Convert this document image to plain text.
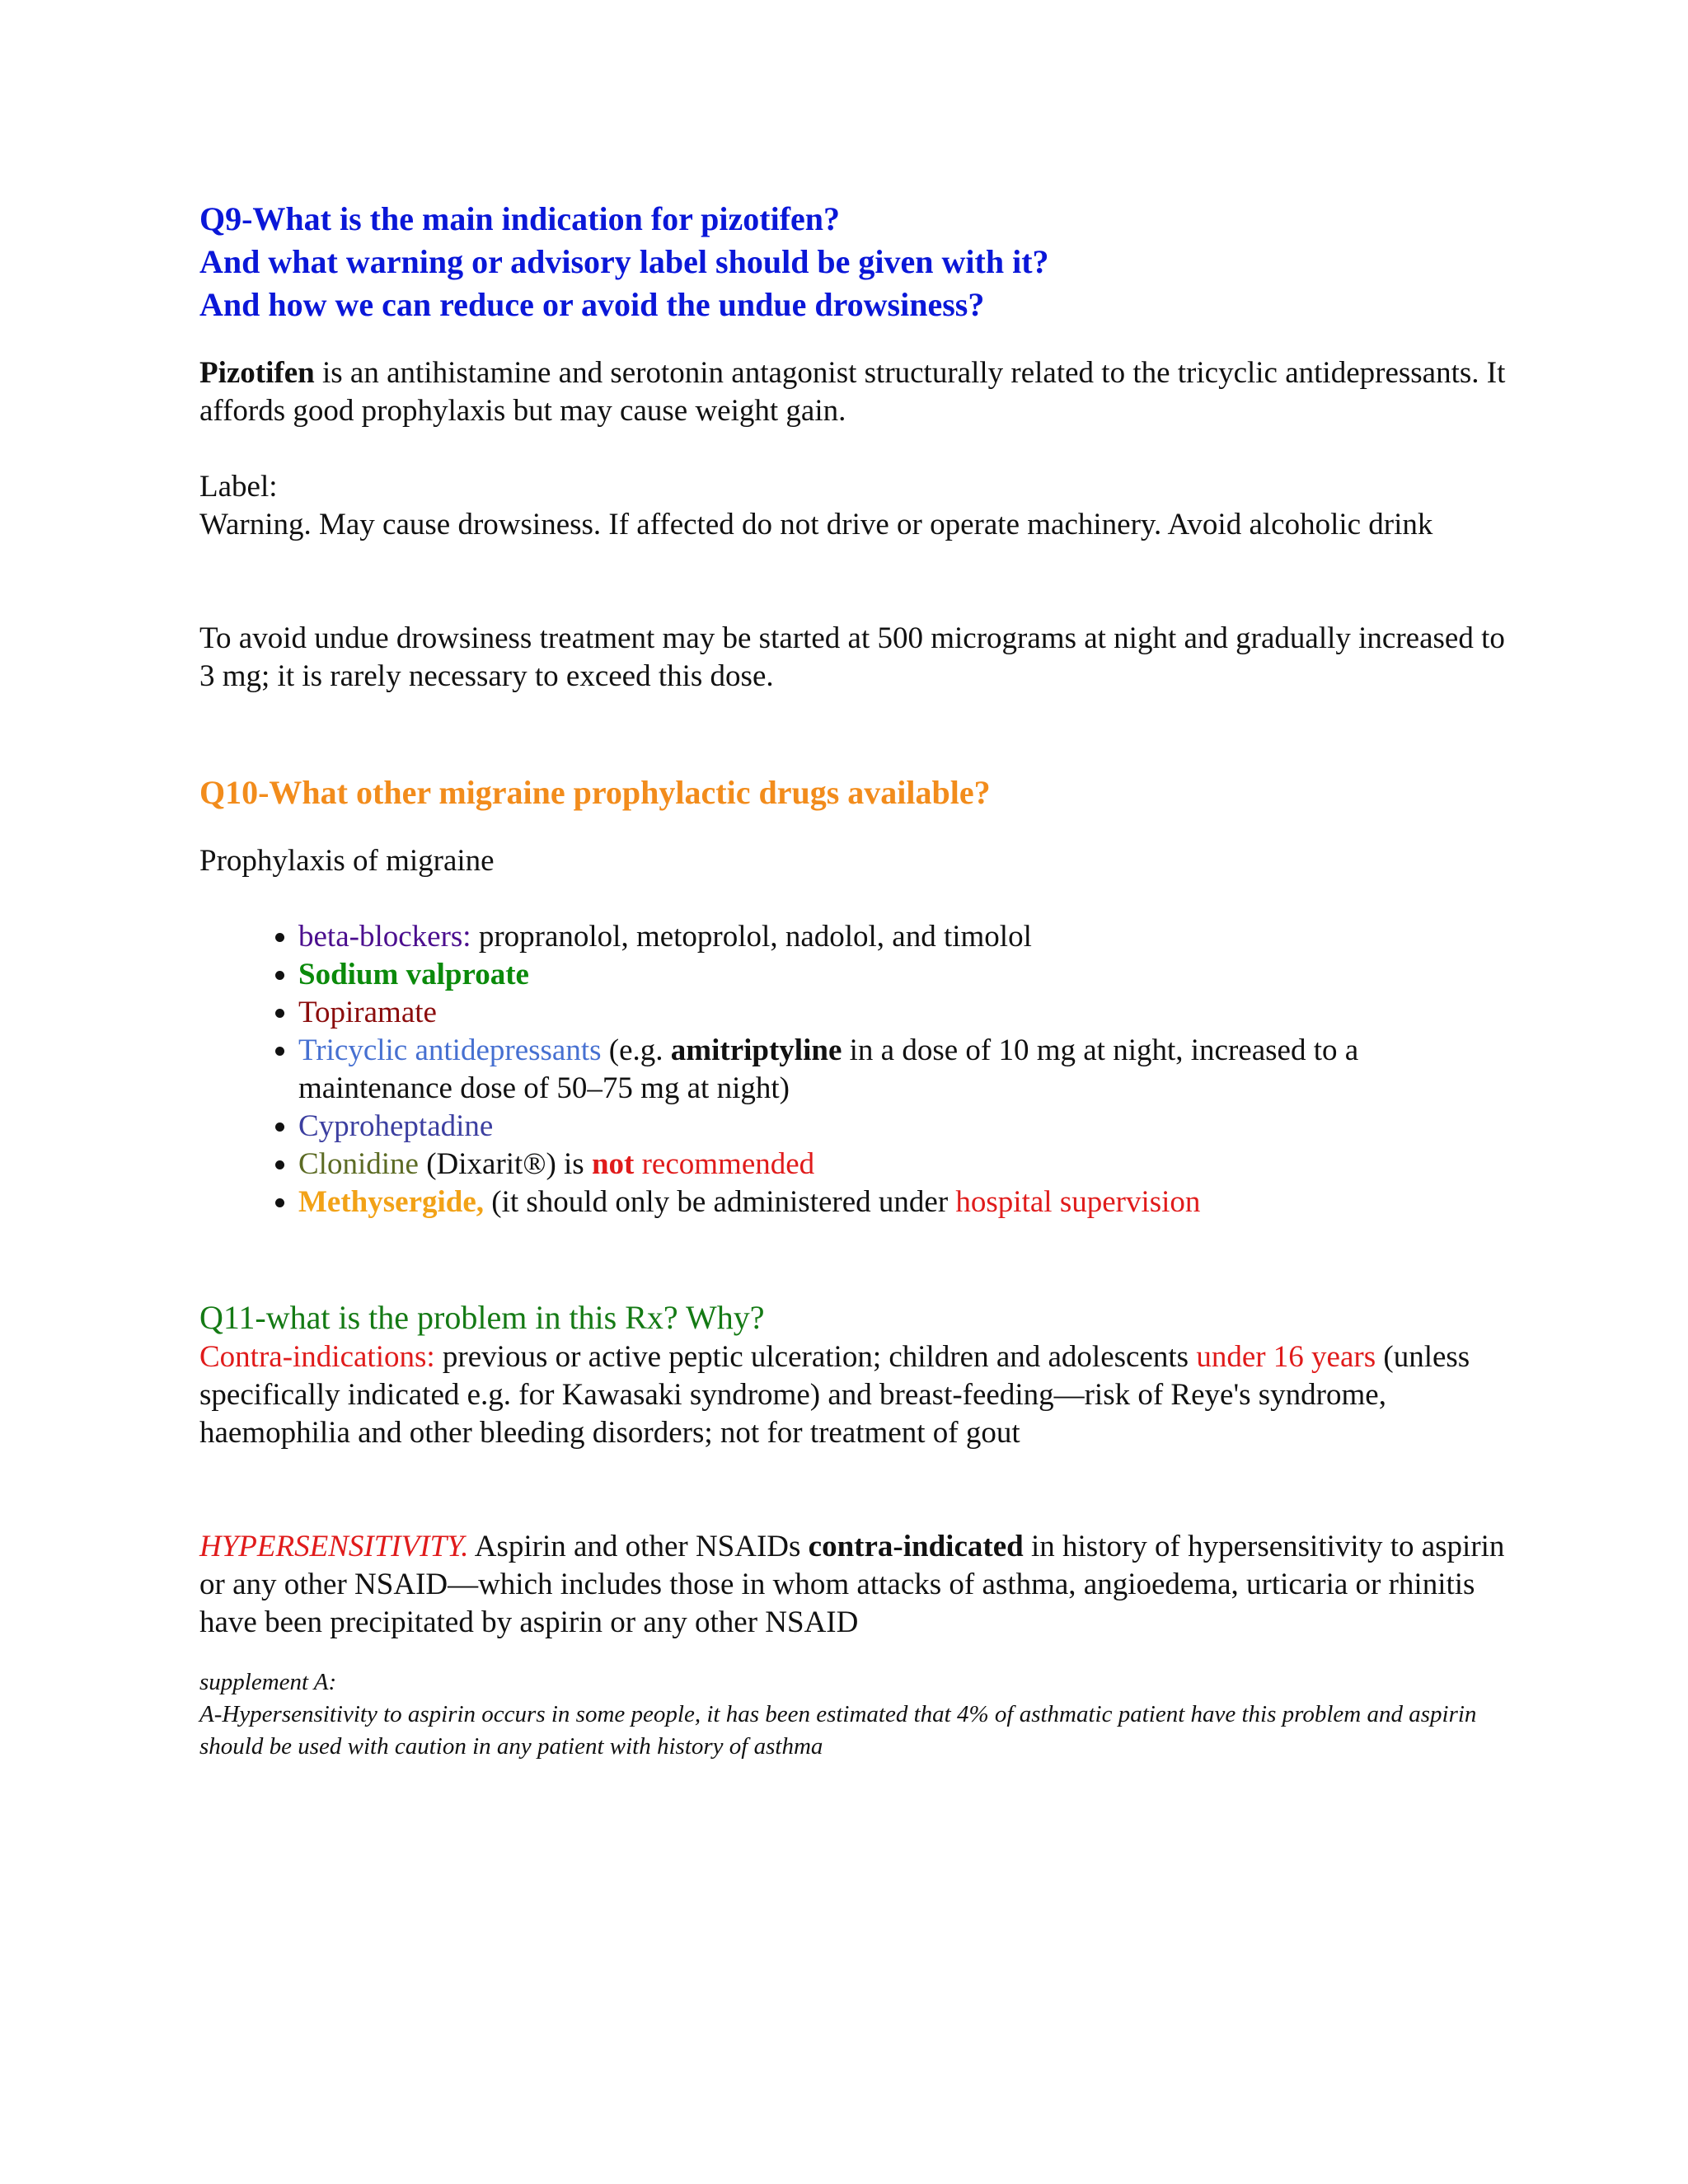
Q9-What is the main indication for pizotifen?

And what warning or advisory label should be given with it?

And how we can reduce or avoid the undue drowsiness?

Pizotifen is an antihistamine and serotonin antagonist structurally related to the tricyclic antidepressants. It affords good prophylaxis but may cause weight gain.

Label:

Warning. May cause drowsiness. If affected do not drive or operate machinery. Avoid alcoholic drink

To avoid undue drowsiness treatment may be started at 500 micrograms at night and gradually increased to 3 mg; it is rarely necessary to exceed this dose.

Q10-What other migraine prophylactic drugs available?

Prophylaxis of migraine

• beta-blockers: propranolol, metoprolol, nadolol, and timolol
• Sodium valproate
• Topiramate
• Tricyclic antidepressants (e.g. amitriptyline in a dose of 10 mg at night, increased to a maintenance dose of 50–75 mg at night)
• Cyproheptadine
• Clonidine (Dixarit®) is not recommended
• Methysergide, (it should only be administered under hospital supervision

Q11-what is the problem in this Rx? Why?

Contra-indications: previous or active peptic ulceration; children and adolescents under 16 years (unless specifically indicated e.g. for Kawasaki syndrome) and breast-feeding—risk of Reye's syndrome, haemophilia and other bleeding disorders; not for treatment of gout

HYPERSENSITIVITY. Aspirin and other NSAIDs contra-indicated in history of hypersensitivity to aspirin or any other NSAID—which includes those in whom attacks of asthma, angioedema, urticaria or rhinitis have been precipitated by aspirin or any other NSAID

supplement A:

A-Hypersensitivity to aspirin occurs in some people, it has been estimated that 4% of asthmatic patient have this problem and aspirin should be used with caution in any patient with history of asthma
